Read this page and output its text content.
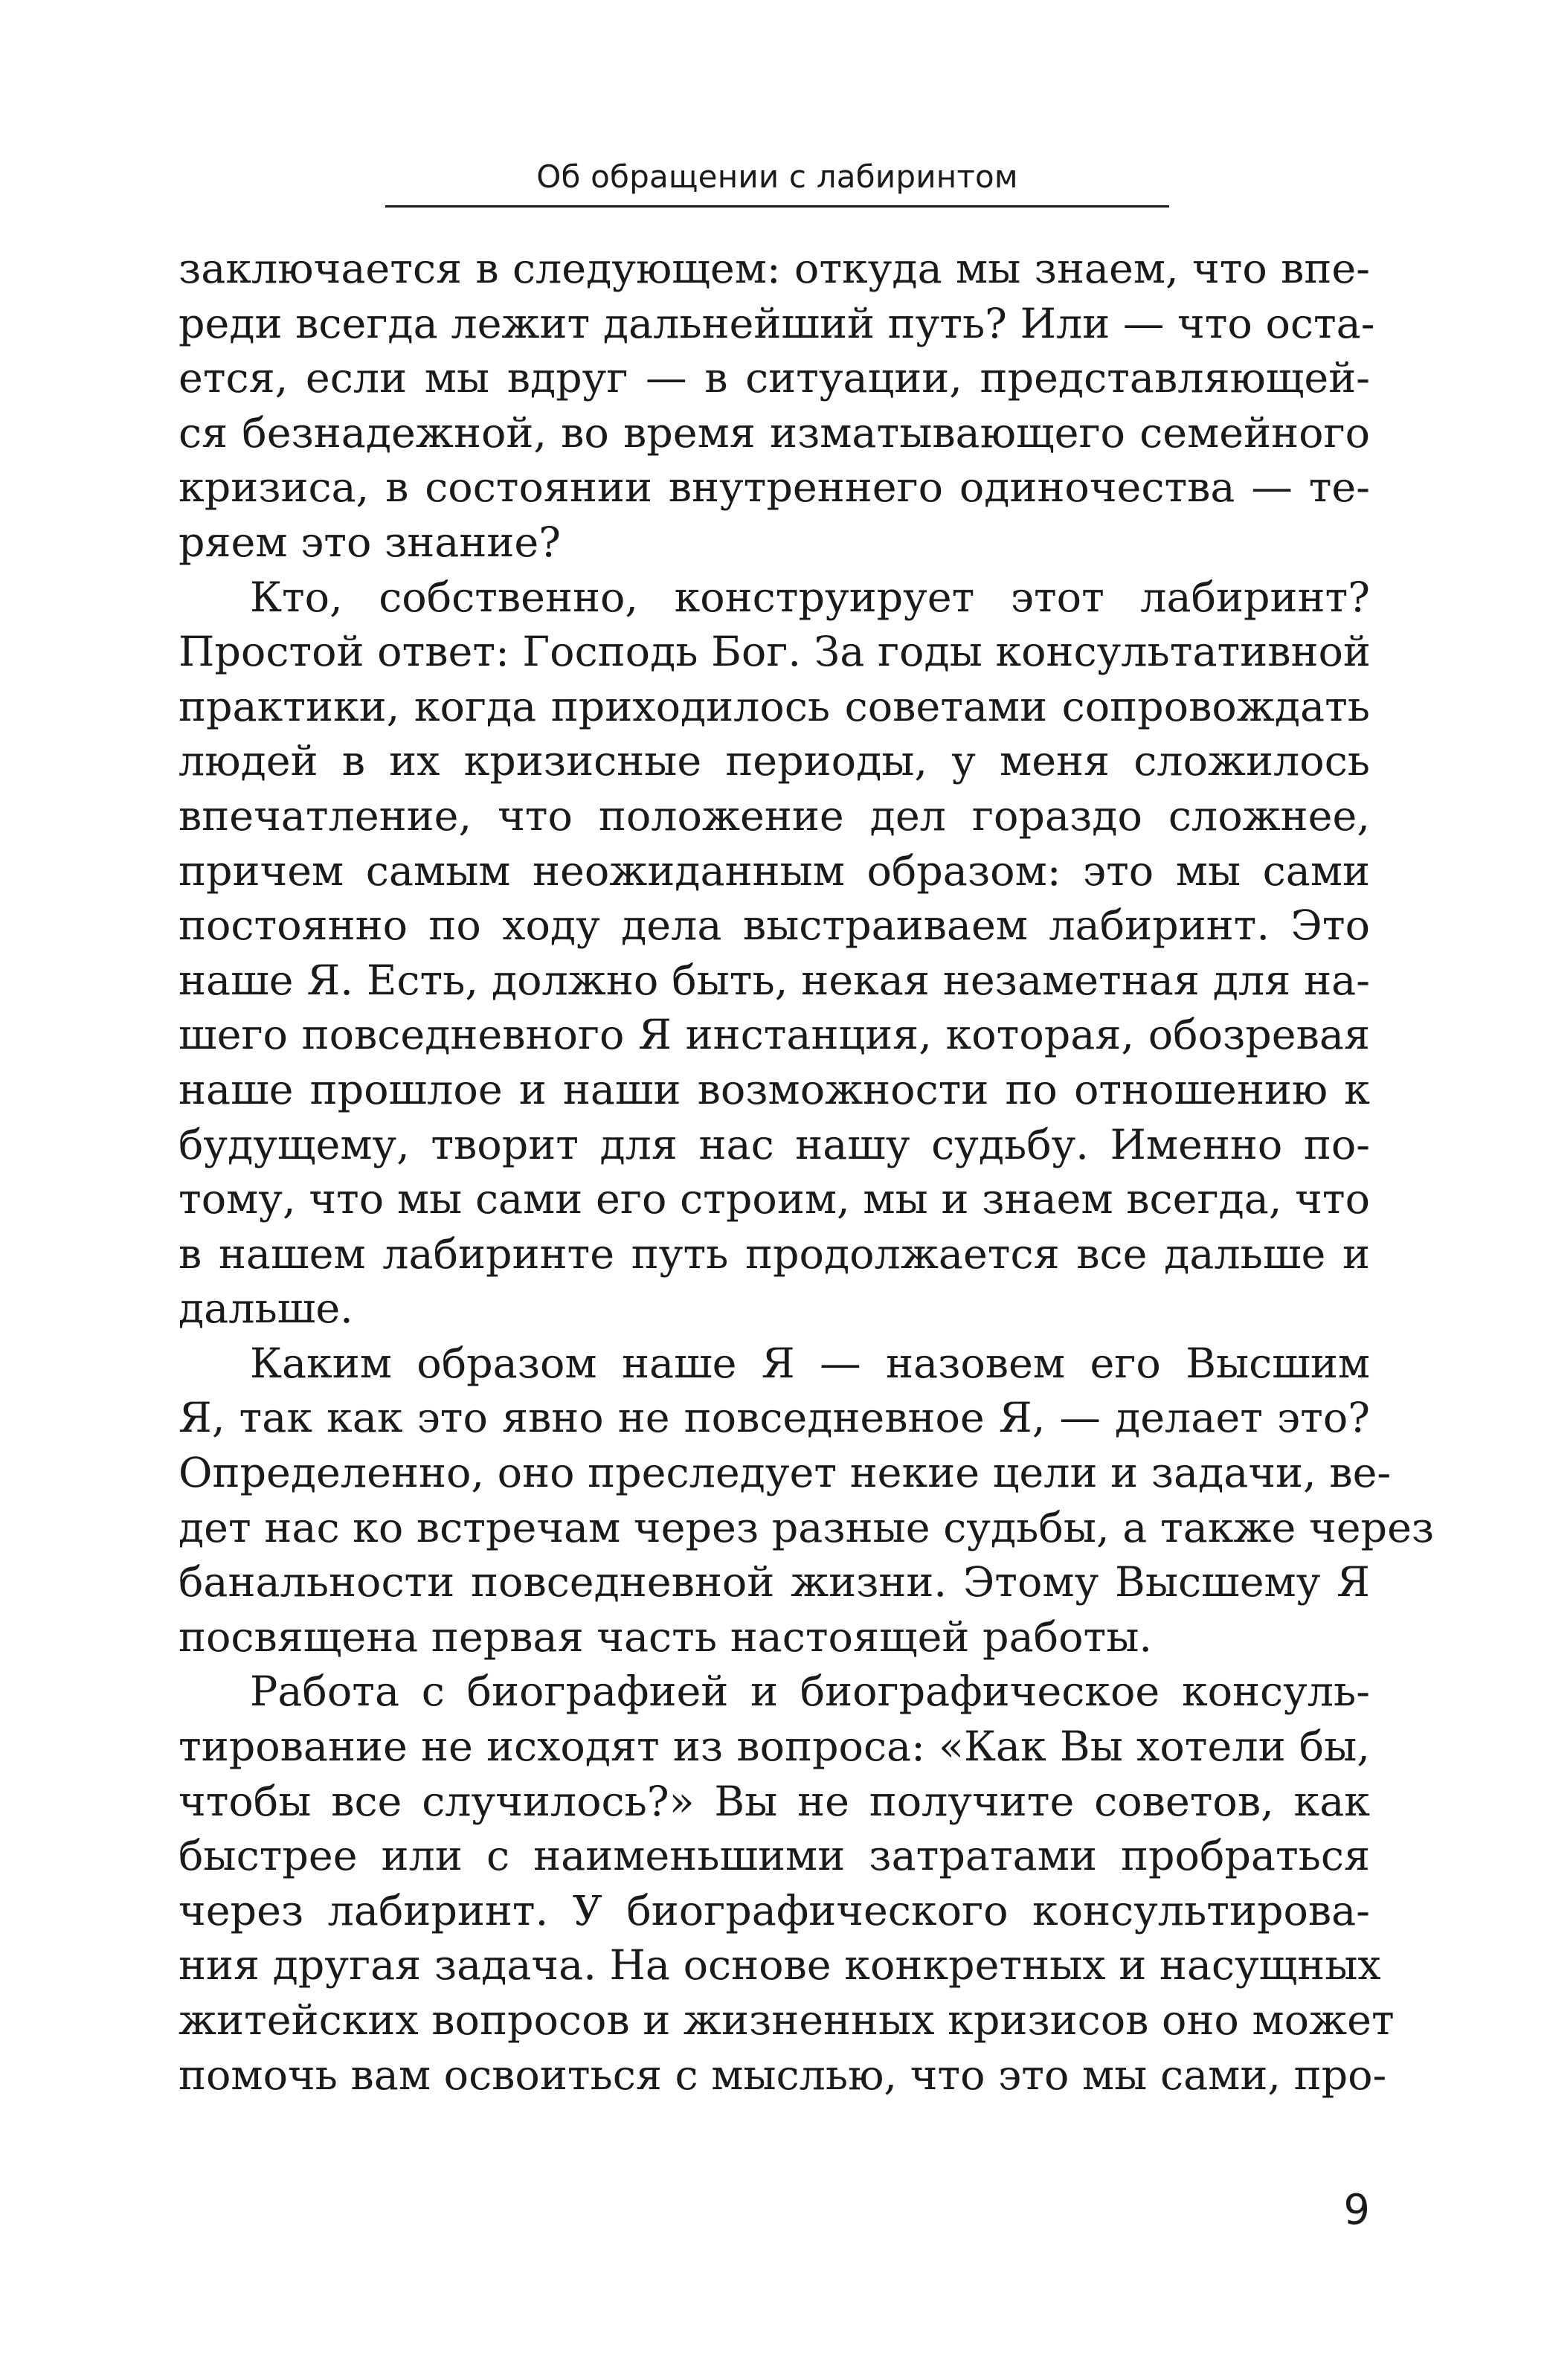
Об обращении с лабиринтом
заключается в следующем: откуда мы знаем, что впе-
реди всегда лежит дальнейший путь? Или — что оста-
ется, если мы вдруг — в ситуации, представляющей-
ся безнадежной, во время изматывающего семейного
кризиса, в состоянии внутреннего одиночества — те-
ряем это знание?
Кто, собственно, конструирует этот лабиринт?
Простой ответ: Господь Бог. За годы консультативной
практики, когда приходилось советами сопровождать
людей в их кризисные периоды, у меня сложилось
впечатление, что положение дел гораздо сложнее,
причем самым неожиданным образом: это мы сами
постоянно по ходу дела выстраиваем лабиринт. Это
наше Я. Есть, должно быть, некая незаметная для на-
шего повседневного Я инстанция, которая, обозревая
наше прошлое и наши возможности по отношению к
будущему, творит для нас нашу судьбу. Именно по-
тому, что мы сами его строим, мы и знаем всегда, что
в нашем лабиринте путь продолжается все дальше и
дальше.
Каким образом наше Я — назовем его Высшим
Я, так как это явно не повседневное Я, — делает это?
Определенно, оно преследует некие цели и задачи, ве-
дет нас ко встречам через разные судьбы, а также через
банальности повседневной жизни. Этому Высшему Я
посвящена первая часть настоящей работы.
Работа с биографией и биографическое консуль-
тирование не исходят из вопроса: «Как Вы хотели бы,
чтобы все случилось?» Вы не получите советов, как
быстрее или с наименьшими затратами пробраться
через лабиринт. У биографического консультирова-
ния другая задача. На основе конкретных и насущных
житейских вопросов и жизненных кризисов оно может
помочь вам освоиться с мыслью, что это мы сами, про-
9
